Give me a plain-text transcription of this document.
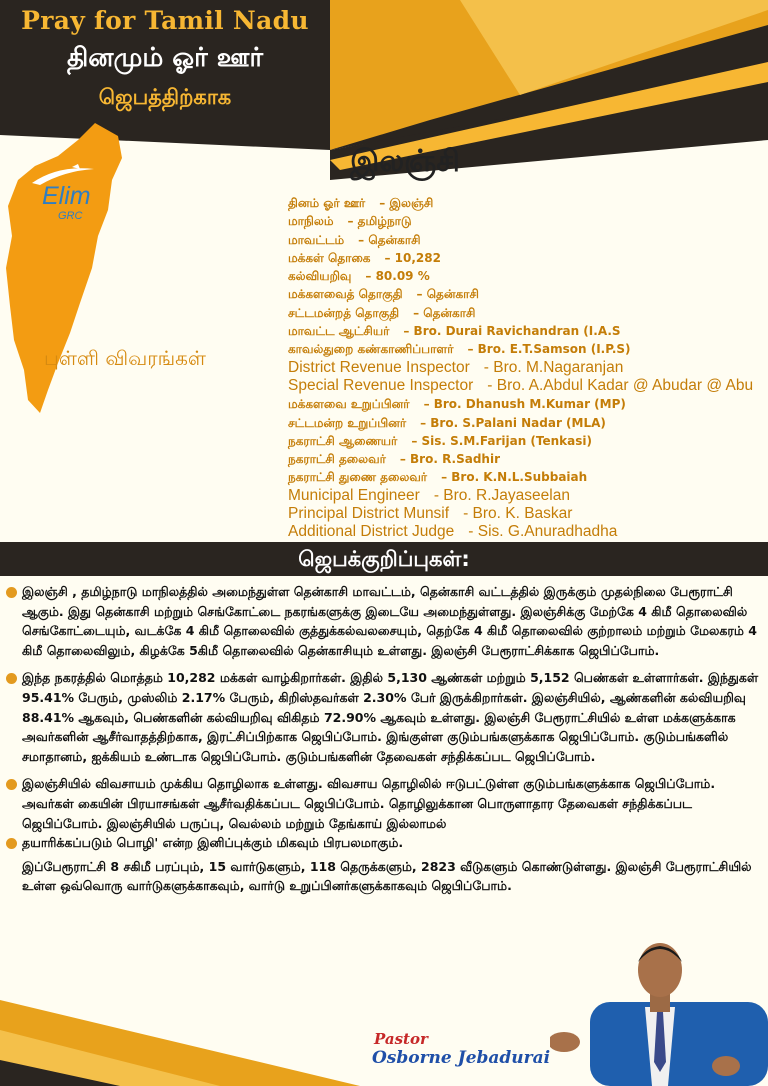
Elim
GRC
Pray for Tamil Nadu
தினமும் ஓர் ஊர்
ஜெபத்திற்காக
இலஞ்சி
புள்ளி விவரங்கள்
தினம் ஓர் ஊர் – இலஞ்சி
மாநிலம் – தமிழ்நாடு
மாவட்டம் – தென்காசி
மக்கள் தொகை – 10,282
கல்வியறிவு – 80.09 %
மக்களவைத் தொகுதி – தென்காசி
சட்டமன்றத் தொகுதி – தென்காசி
மாவட்ட ஆட்சியர் – Bro. Durai Ravichandran (I.A.S
காவல்துறை கண்காணிப்பாளர் – Bro. E.T.Samson (I.P.S)
District Revenue Inspector - Bro. M.Nagaranjan
Special Revenue Inspector - Bro. A.Abdul Kadar @ Abudar @ Abu
மக்களவை உறுப்பினர் – Bro. Dhanush M.Kumar (MP)
சட்டமன்ற உறுப்பினர் – Bro. S.Palani Nadar (MLA)
நகராட்சி ஆணையர் – Sis. S.M.Farijan (Tenkasi)
நகராட்சி தலைவர் – Bro. R.Sadhir
நகராட்சி துணை தலைவர் – Bro. K.N.L.Subbaiah
Municipal Engineer - Bro. R.Jayaseelan
Principal District Munsif - Bro. K. Baskar
Additional District Judge - Sis. G.Anuradhadha
ஜெபக்குறிப்புகள்:
இலஞ்சி , தமிழ்நாடு மாநிலத்தில் அமைந்துள்ள தென்காசி மாவட்டம், தென்காசி வட்டத்தில் இருக்கும் முதல்நிலை பேரூராட்சி ஆகும். இது தென்காசி மற்றும் செங்கோட்டை நகரங்களுக்கு இடையே அமைந்துள்ளது. இலஞ்சிக்கு மேற்கே 4 கிமீ தொலைவில் செங்கோட்டையும், வடக்கே 4 கிமீ தொலைவில் குத்துக்கல்வலசையும், தெற்கே 4 கிமீ தொலைவில் குற்றாலம் மற்றும் மேலகரம் 4 கிமீ தொலைவிலும், கிழக்கே 5கிமீ தொலைவில் தென்காசியும் உள்ளது. இலஞ்சி பேரூராட்சிக்காக ஜெபிப்போம்.
இந்த நகரத்தில் மொத்தம் 10,282 மக்கள் வாழ்கிறார்கள். இதில் 5,130 ஆண்கள் மற்றும் 5,152 பெண்கள் உள்ளார்கள். இந்துகள் 95.41% பேரும், முஸ்லிம் 2.17% பேரும், கிறிஸ்தவர்கள் 2.30% பேர் இருக்கிறார்கள். இலஞ்சியில், ஆண்களின் கல்வியறிவு 88.41% ஆகவும், பெண்களின் கல்வியறிவு விகிதம் 72.90% ஆகவும் உள்ளது. இலஞ்சி பேரூராட்சியில் உள்ள மக்களுக்காக அவர்களின் ஆசீர்வாதத்திற்காக, இரட்சிப்பிற்காக ஜெபிப்போம். இங்குள்ள குடும்பங்களுக்காக ஜெபிப்போம். குடும்பங்களில் சமாதானம், ஐக்கியம் உண்டாக ஜெபிப்போம். குடும்பங்களின் தேவைகள் சந்திக்கப்பட ஜெபிப்போம்.
இலஞ்சியில் விவசாயம் முக்கிய தொழிலாக உள்ளது. விவசாய தொழிலில் ஈடுபட்டுள்ள குடும்பங்களுக்காக ஜெபிப்போம். அவர்கள் கையின் பிரயாசங்கள் ஆசீர்வதிக்கப்பட ஜெபிப்போம். தொழிலுக்கான பொருளாதார தேவைகள் சந்திக்கப்பட ஜெபிப்போம். இலஞ்சியில் பருப்பு, வெல்லம் மற்றும் தேங்காய் இல்லாமல்
தயாரிக்கப்படும் பொழி' என்ற இனிப்புக்கும் மிகவும் பிரபலமாகும்.
இப்பேரூராட்சி 8 சகிமீ பரப்பும், 15 வார்டுகளும், 118 தெருக்களும், 2823 வீடுகளும் கொண்டுள்ளது. இலஞ்சி பேரூராட்சியில் உள்ள ஒவ்வொரு வார்டுகளுக்காகவும், வார்டு உறுப்பினர்களுக்காகவும் ஜெபிப்போம்.
Pastor
Osborne Jebadurai
